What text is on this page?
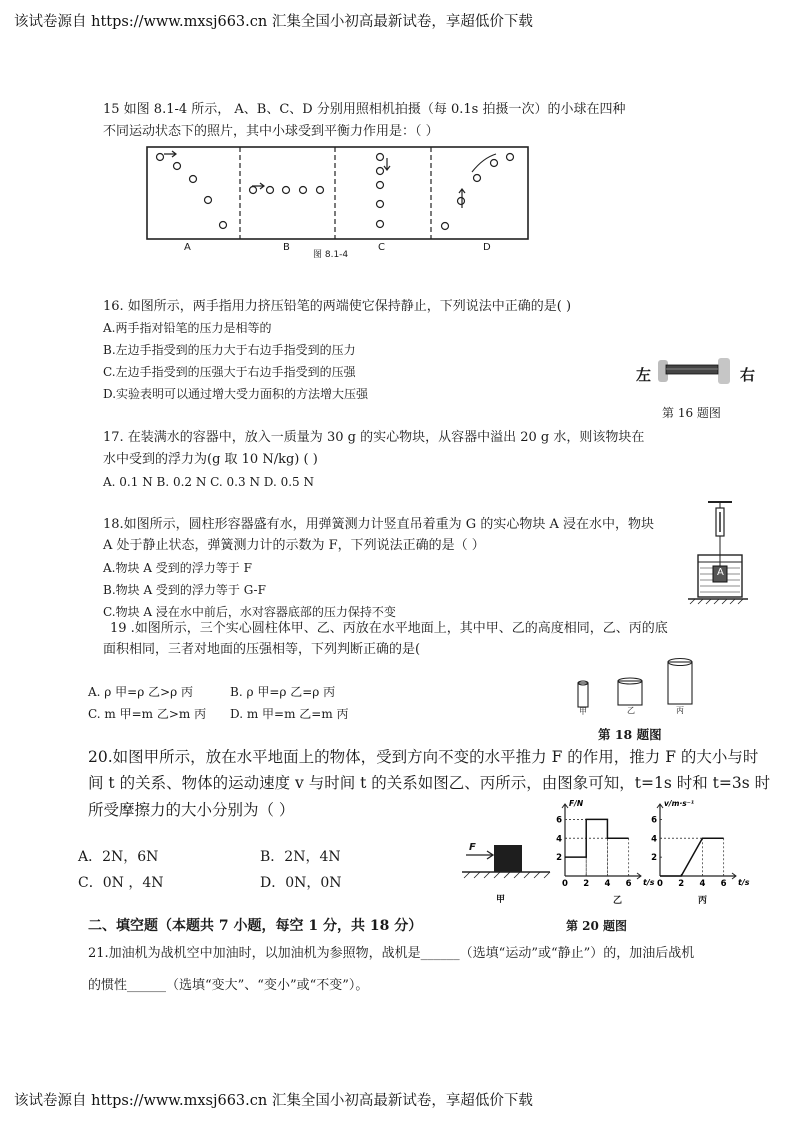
该试卷源自 https://www.mxsj663.cn 汇集全国小初高最新试卷，享超低价下载
该试卷源自 https://www.mxsj663.cn 汇集全国小初高最新试卷，享超低价下载
15 如图 8.1-4 所示， A、B、C、D 分别用照相机拍摄（每 0.1s 拍摄一次）的小球在四种
不同运动状态下的照片，其中小球受到平衡力作用是：（ ）
A	B	C	D
图 8.1-4
16. 如图所示，两手指用力挤压铅笔的两端使它保持静止，下列说法中正确的是( )
A.两手指对铅笔的压力是相等的
B.左边手指受到的压力大于右边手指受到的压力
C.左边手指受到的压强大于右边手指受到的压强
D.实验表明可以通过增大受力面积的方法增大压强
左	右
第 16 题图
17. 在装满水的容器中，放入一质量为 30 g 的实心物块，从容器中溢出 20 g 水，则该物块在
水中受到的浮力为(g 取 10 N/kg) ( )
A. 0.1 N B. 0.2 N C. 0.3 N D. 0.5 N
18.如图所示，圆柱形容器盛有水，用弹簧测力计竖直吊着重为 G 的实心物块 A 浸在水中，物块
A 处于静止状态，弹簧测力计的示数为 F，下列说法正确的是（ ）
A.物块 A 受到的浮力等于 F
B.物块 A 受到的浮力等于 G-F
C.物块 A 浸在水中前后，水对容器底部的压力保持不变
A
19 .如图所示，三个实心圆柱体甲、乙、丙放在水平地面上，其中甲、乙的高度相同，乙、丙的底
面积相同，三者对地面的压强相等，下列判断正确的是(
A. ρ 甲=ρ 乙>ρ 丙	B. ρ 甲=ρ 乙=ρ 丙
C. m 甲=m 乙>m 丙 D. m 甲=m 乙=m 丙	甲	乙	丙
第 18 题图
20.如图甲所示，放在水平地面上的物体，受到方向不变的水平推力 F 的作用，推力 F 的大小与时
间 t 的关系、物体的运动速度 v 与时间 t 的关系如图乙、丙所示，由图象可知，t=1s 时和 t=3s 时
所受摩擦力的大小分别为（ ）
A．2N，6N	B．2N，4N
C．0N ，4N	D．0N，0N
F
甲
0 2 4 6
2
4
6
t/s
F/N
乙
0 2 4 6
2
4
6
t/s
v/m·s⁻¹
丙
第 20 题图
二、填空题（本题共 7 小题，每空 1 分，共 18 分）
21.加油机为战机空中加油时，以加油机为参照物，战机是______（选填“运动”或“静止”）的，加油后战机
的惯性______（选填“变大”、“变小”或“不变”）。
